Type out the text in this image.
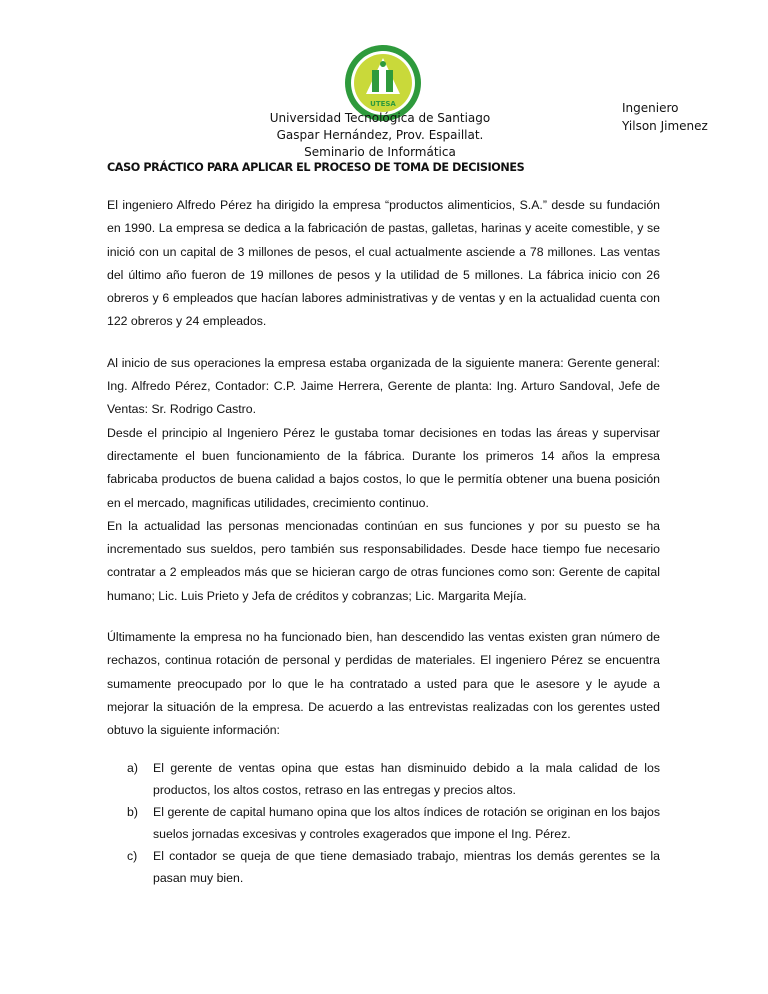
UTESA
Universidad Tecnológica de Santiago
Gaspar Hernández, Prov. Espaillat.
Seminario de Informática
Ingeniero
Yilson Jimenez
CASO PRÁCTICO PARA APLICAR EL PROCESO DE TOMA DE DECISIONES

El ingeniero Alfredo Pérez ha dirigido la empresa “productos alimenticios, S.A.” desde su fundación en 1990. La empresa se dedica a la fabricación de pastas, galletas, harinas y aceite comestible, y se inició con un capital de 3 millones de pesos, el cual actualmente asciende a 78 millones. Las ventas del último año fueron de 19 millones de pesos y la utilidad de 5 millones. La fábrica inicio con 26 obreros y 6 empleados que hacían labores administrativas y de ventas y en la actualidad cuenta con 122 obreros y 24 empleados.

Al inicio de sus operaciones la empresa estaba organizada de la siguiente manera: Gerente general: Ing. Alfredo Pérez, Contador: C.P. Jaime Herrera, Gerente de planta: Ing. Arturo Sandoval, Jefe de Ventas: Sr. Rodrigo Castro.

Desde el principio al Ingeniero Pérez le gustaba tomar decisiones en todas las áreas y supervisar directamente el buen funcionamiento de la fábrica. Durante los primeros 14 años la empresa fabricaba productos de buena calidad a bajos costos, lo que le permitía obtener una buena posición en el mercado, magnificas utilidades, crecimiento continuo.

En la actualidad las personas mencionadas continúan en sus funciones y por su puesto se ha incrementado sus sueldos, pero también sus responsabilidades. Desde hace tiempo fue necesario contratar a 2 empleados más que se hicieran cargo de otras funciones como son: Gerente de capital humano; Lic. Luis Prieto y Jefa de créditos y cobranzas; Lic. Margarita Mejía.

Últimamente la empresa no ha funcionado bien, han descendido las ventas existen gran número de rechazos, continua rotación de personal y perdidas de materiales. El ingeniero Pérez se encuentra sumamente preocupado por lo que le ha contratado a usted para que le asesore y le ayude a mejorar la situación de la empresa. De acuerdo a las entrevistas realizadas con los gerentes usted obtuvo la siguiente información:

a) El gerente de ventas opina que estas han disminuido debido a la mala calidad de los productos, los altos costos, retraso en las entregas y precios altos.
b) El gerente de capital humano opina que los altos índices de rotación se originan en los bajos suelos jornadas excesivas y controles exagerados que impone el Ing. Pérez.
c) El contador se queja de que tiene demasiado trabajo, mientras los demás gerentes se la pasan muy bien.
